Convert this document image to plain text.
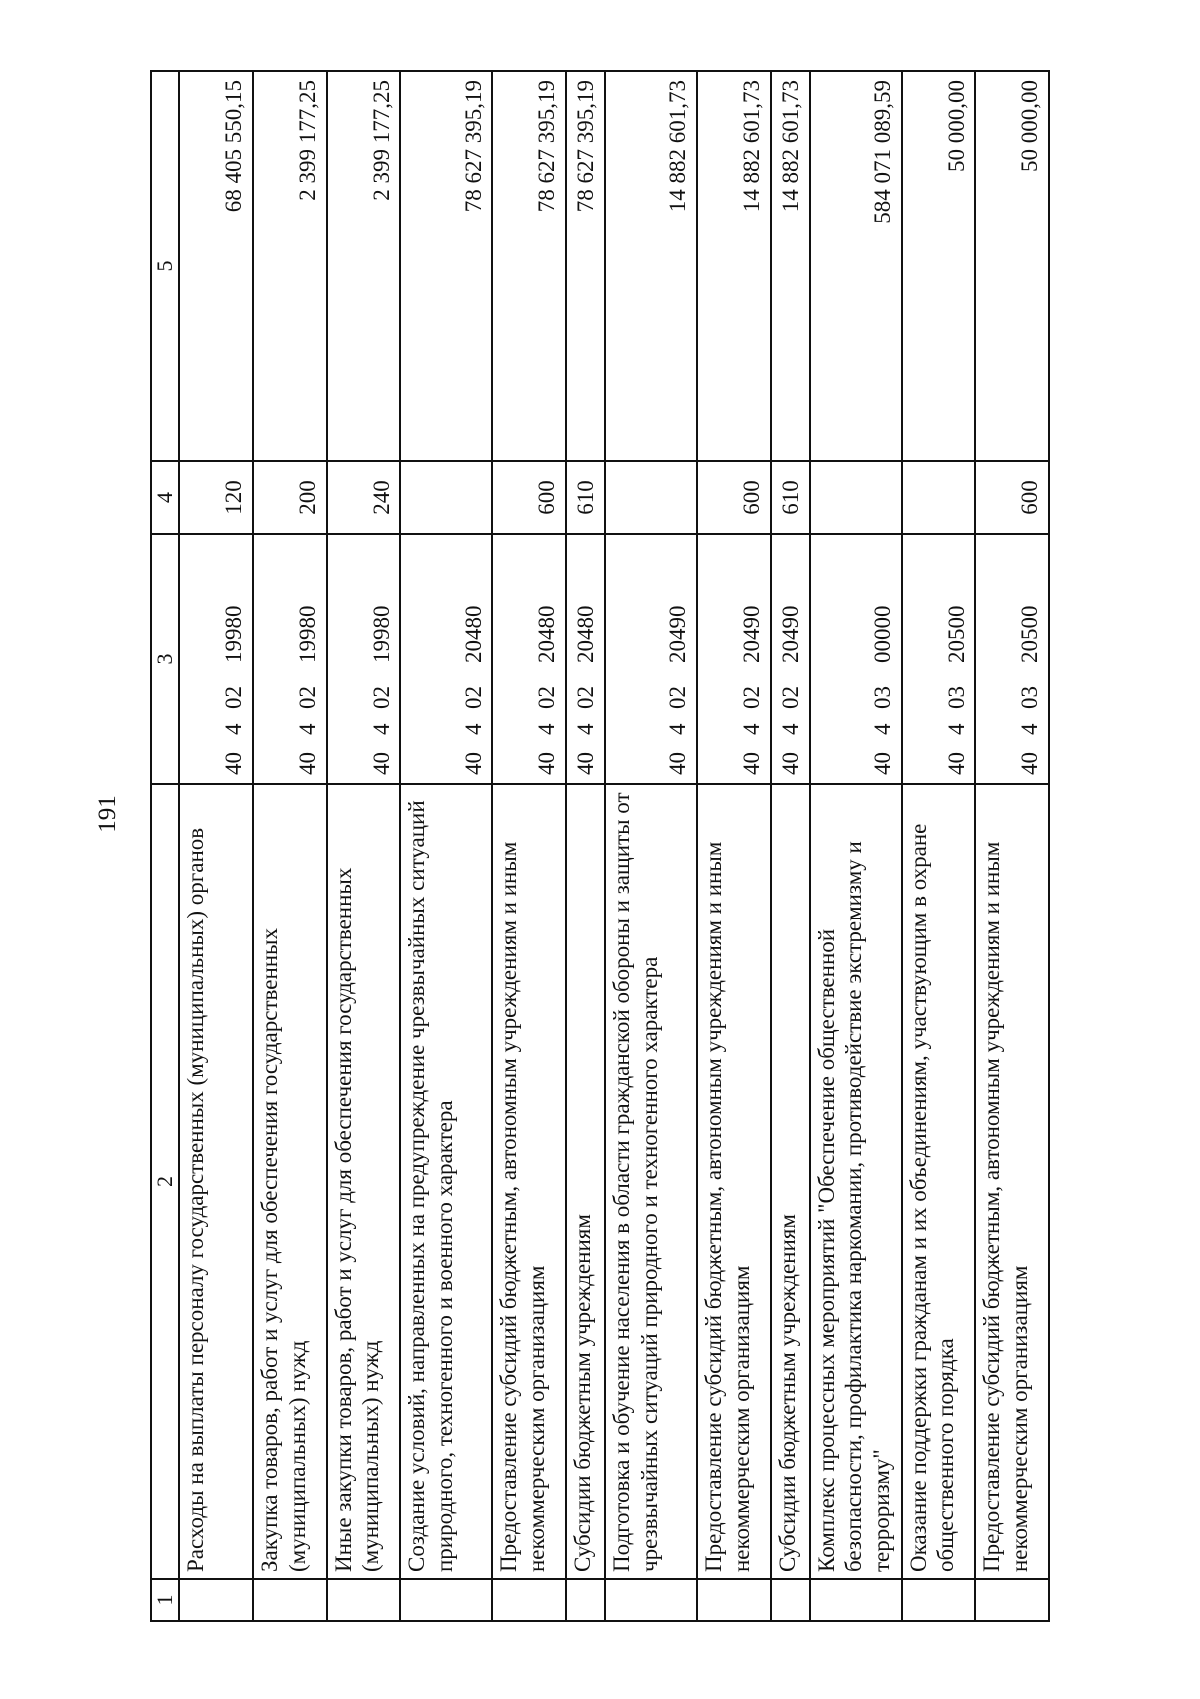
191
1	2	3	4	5
	Расходы на выплаты персоналу государственных (муниципальных) органов	4040219980	120	68 405 550,15
	Закупка товаров, работ и услуг для обеспечения государственных (муниципальных) нужд	4040219980	200	2 399 177,25
	Иные закупки товаров, работ и услуг для обеспечения государственных (муниципальных) нужд	4040219980	240	2 399 177,25
	Создание условий, направленных на предупреждение чрезвычайных ситуаций природного, техногенного и военного характера	4040220480		78 627 395,19
	Предоставление субсидий бюджетным, автономным учреждениям и иным некоммерческим организациям	4040220480	600	78 627 395,19
	Субсидии бюджетным учреждениям	4040220480	610	78 627 395,19
	Подготовка и обучение населения в области гражданской обороны и защиты от чрезвычайных ситуаций природного и техногенного характера	4040220490		14 882 601,73
	Предоставление субсидий бюджетным, автономным учреждениям и иным некоммерческим организациям	4040220490	600	14 882 601,73
	Субсидии бюджетным учреждениям	4040220490	610	14 882 601,73
	Комплекс процессных мероприятий "Обеспечение общественной безопасности, профилактика наркомании, противодействие экстремизму и терроризму"	4040300000		584 071 089,59
	Оказание поддержки гражданам и их объединениям, участвующим в охране общественного порядка	4040320500		50 000,00
	Предоставление субсидий бюджетным, автономным учреждениям и иным некоммерческим организациям	4040320500	600	50 000,00
